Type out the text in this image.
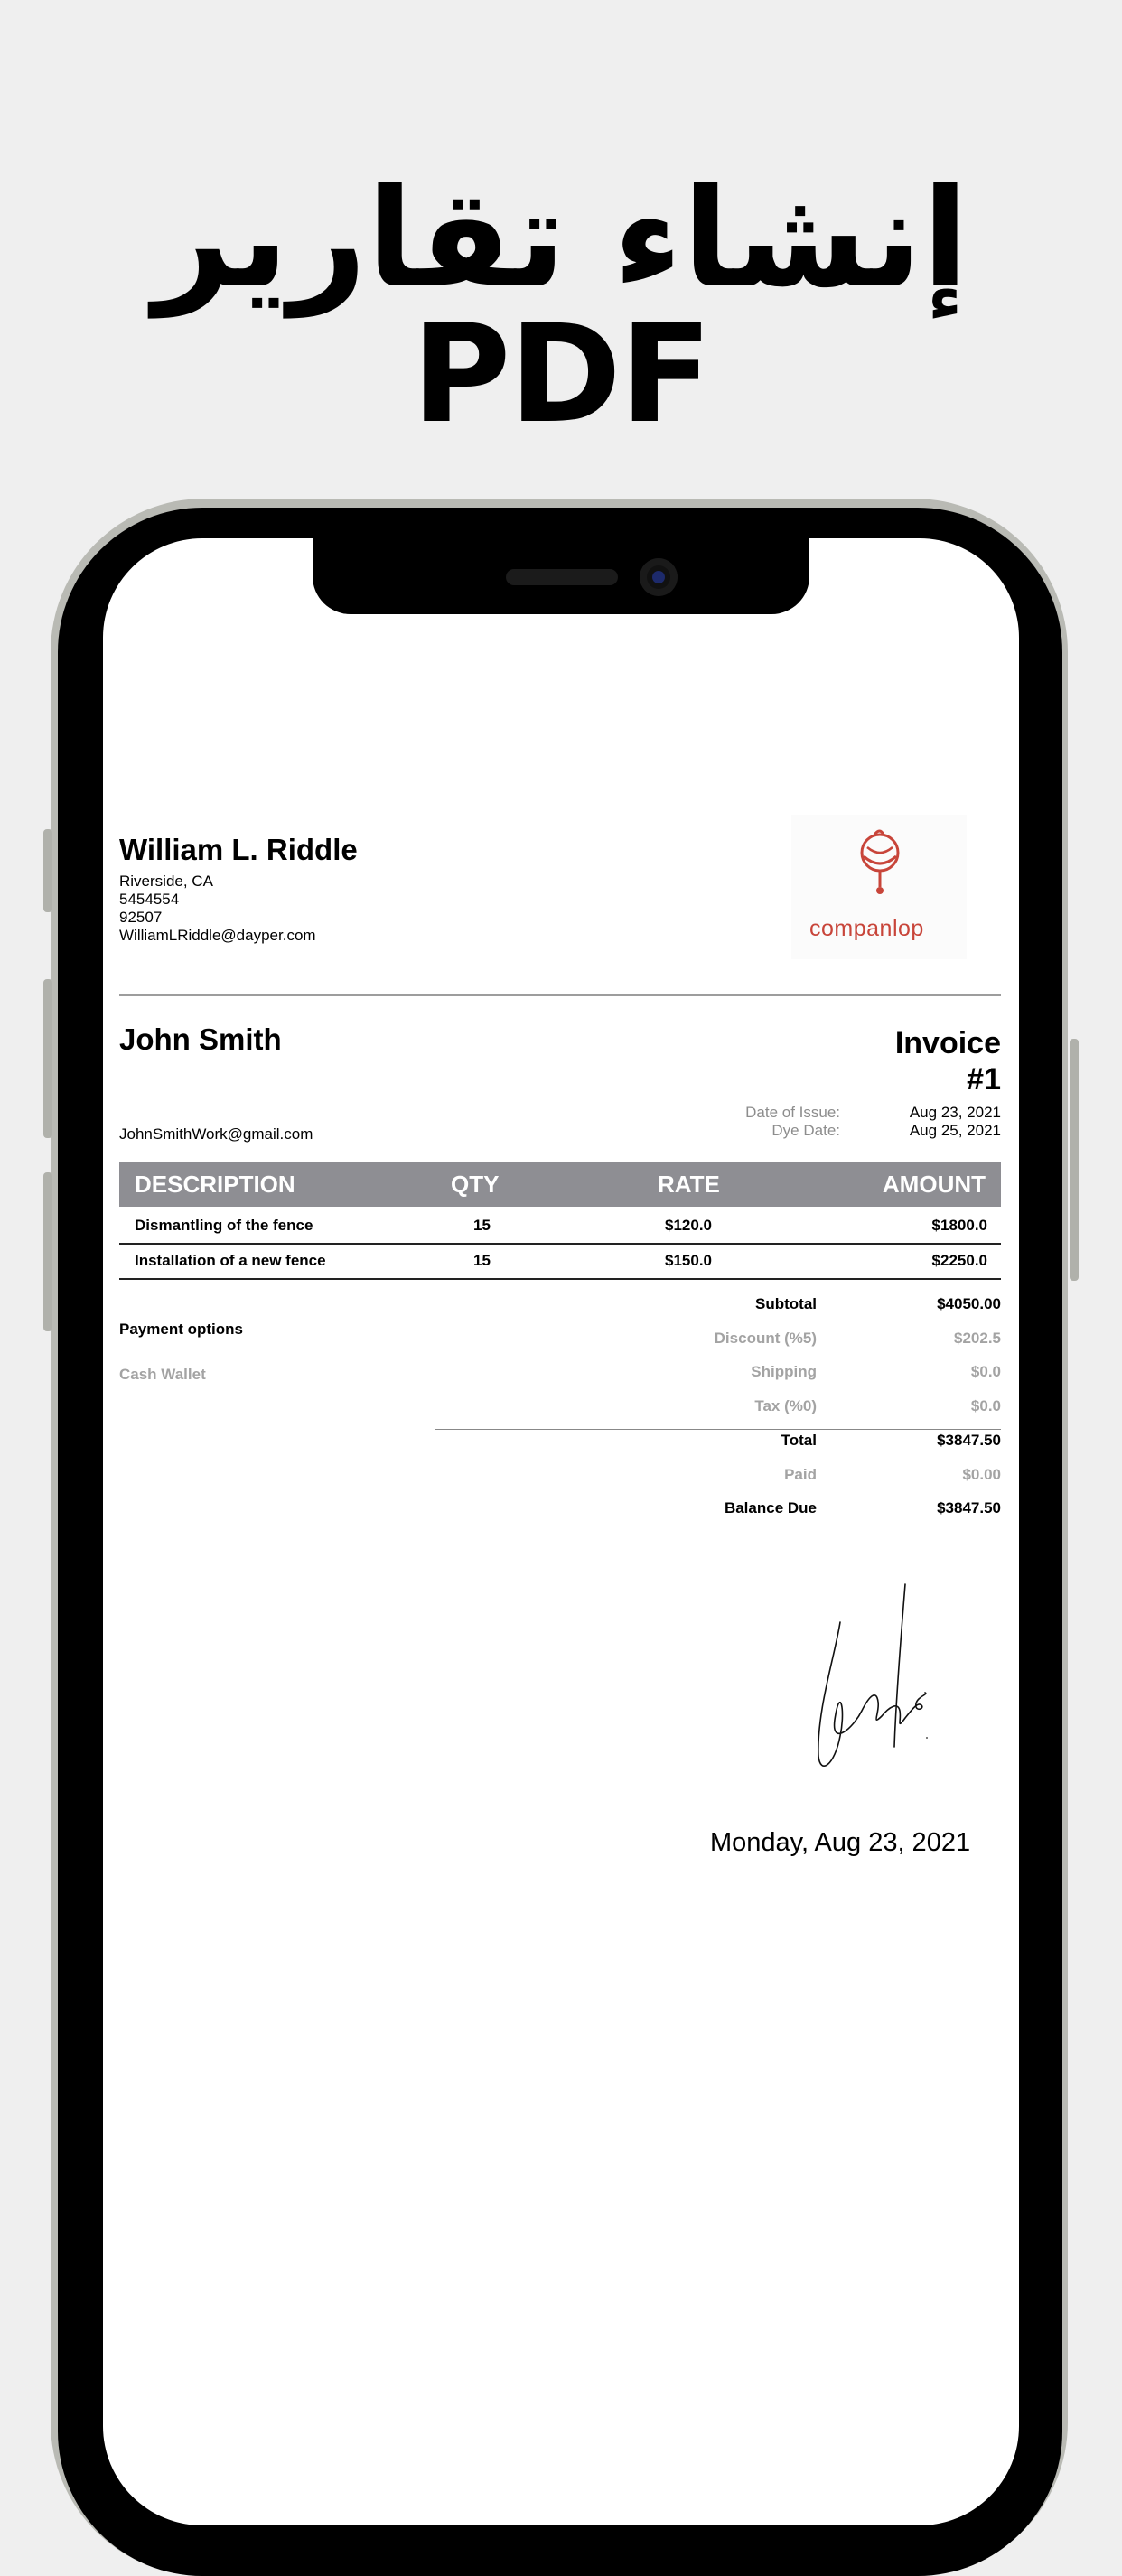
إنشاء تقارير PDF
William L. Riddle
Riverside, CA
5454554
92507
WilliamLRiddle@dayper.com	companlop
John Smith
JohnSmithWork@gmail.com
Invoice
#1
Date of Issue:	Aug 23, 2021
Dye Date:	Aug 25, 2021
DESCRIPTION	QTY	RATE	AMOUNT
Dismantling of the fence	15	$120.0	$1800.0
Installation of a new fence	15	$150.0	$2250.0
Payment options
Cash Wallet
Subtotal	$4050.00
Discount (%5)	$202.5
Shipping	$0.0
Tax (%0)	$0.0
Total	$3847.50
Paid	$0.00
Balance Due	$3847.50
Monday, Aug 23, 2021
